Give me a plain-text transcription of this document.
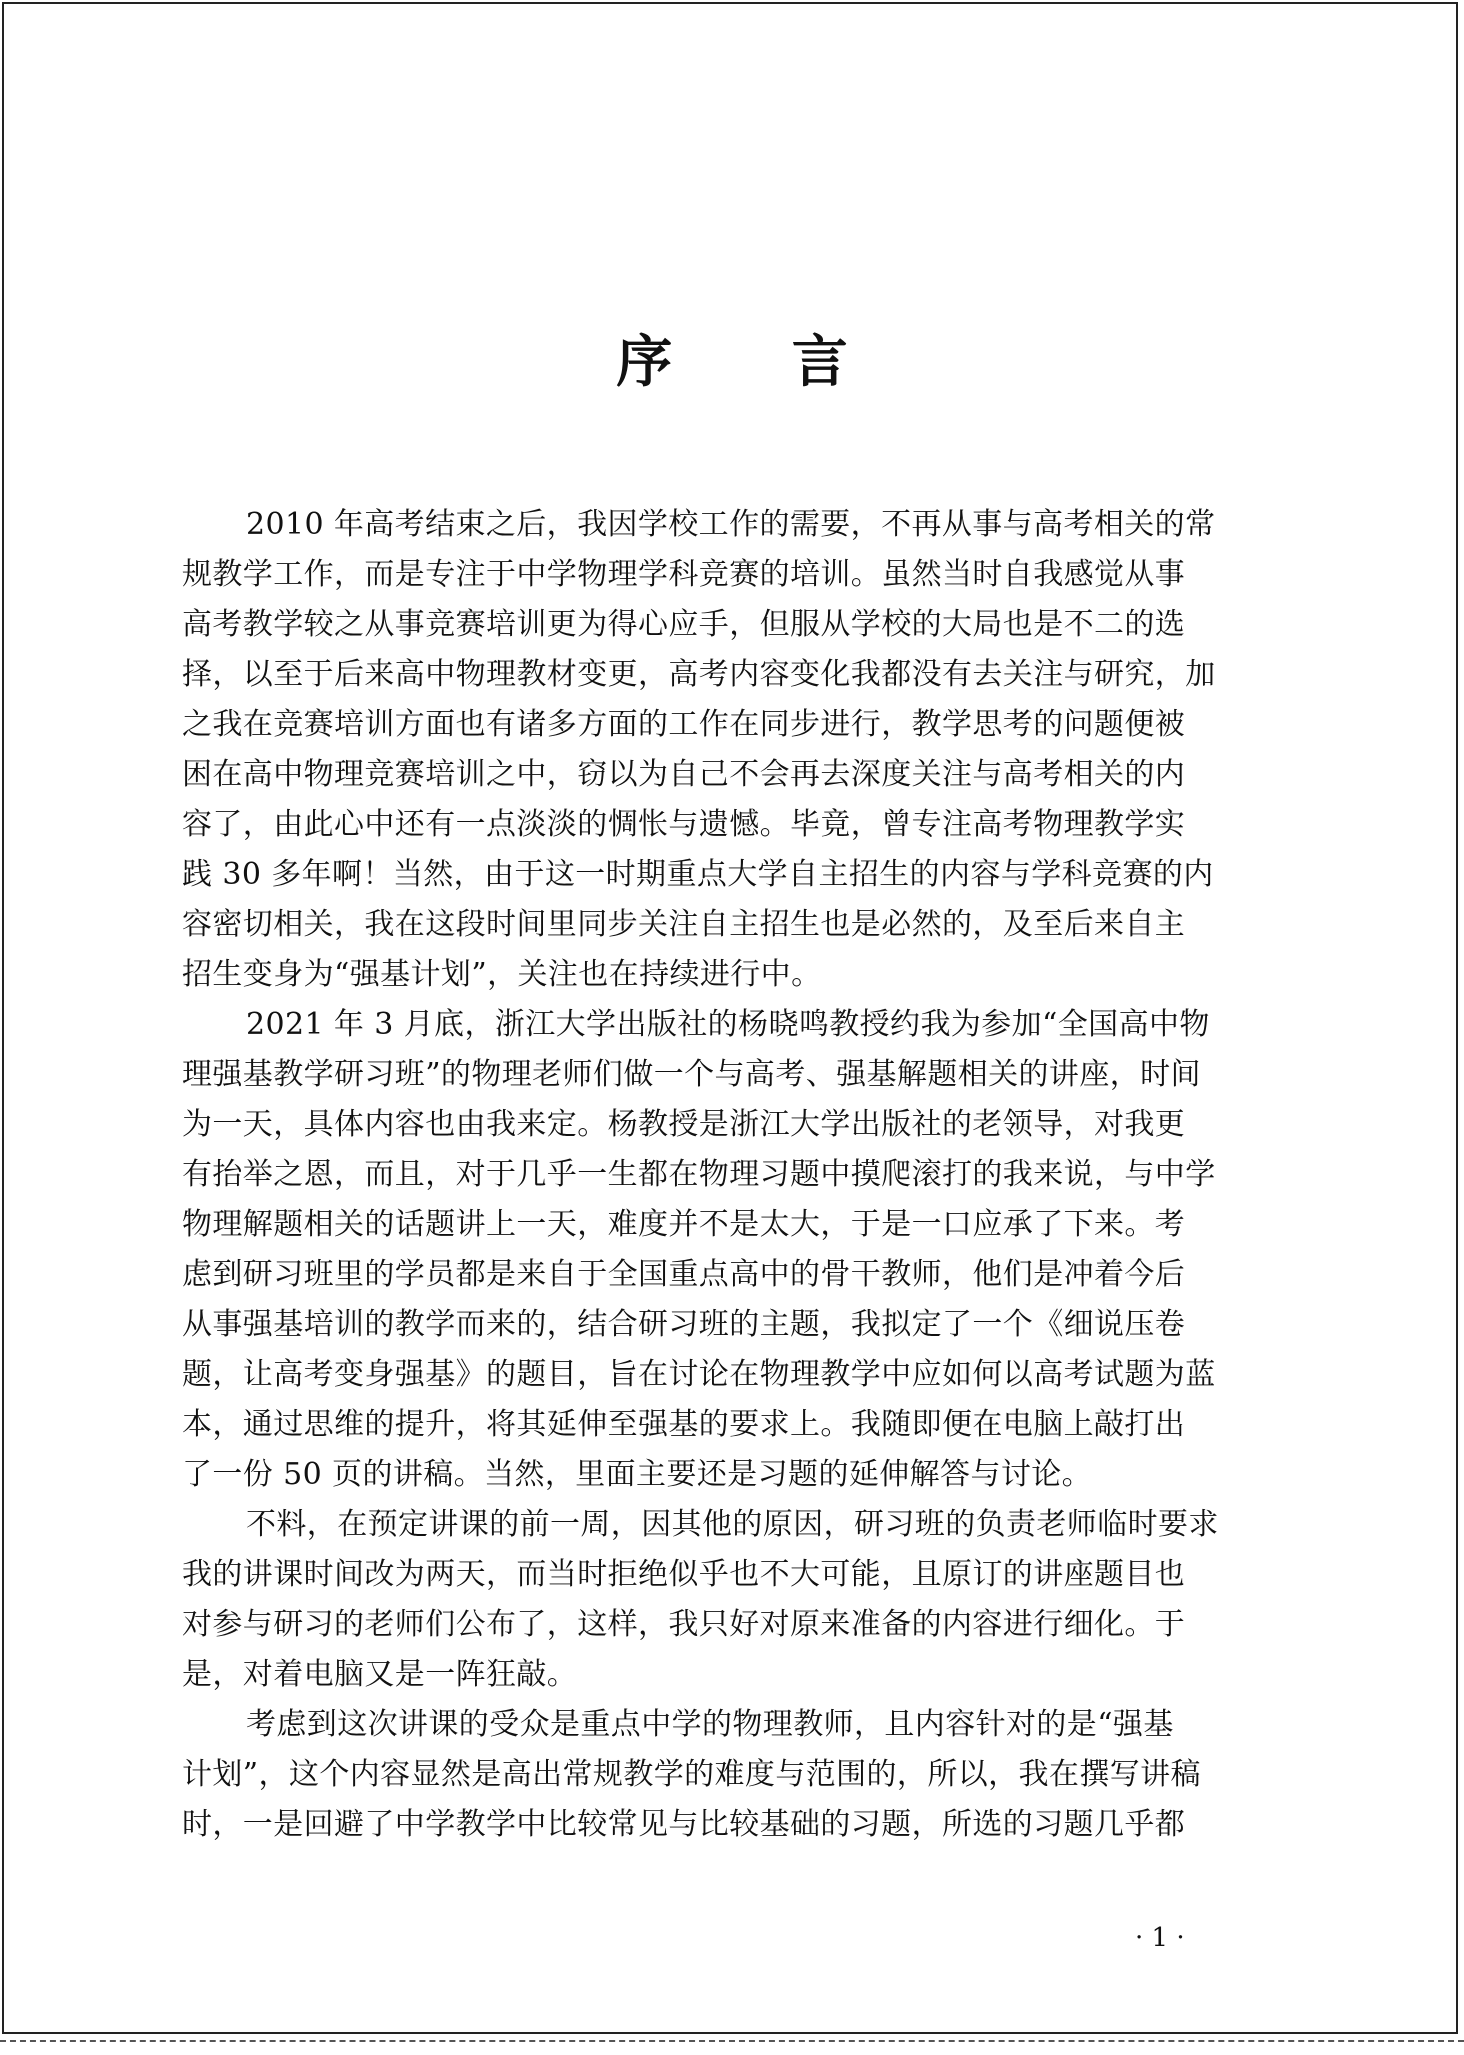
序 言
2010 年高考结束之后，我因学校工作的需要，不再从事与高考相关的常
规教学工作，而是专注于中学物理学科竞赛的培训。虽然当时自我感觉从事
高考教学较之从事竞赛培训更为得心应手，但服从学校的大局也是不二的选
择，以至于后来高中物理教材变更，高考内容变化我都没有去关注与研究，加
之我在竞赛培训方面也有诸多方面的工作在同步进行，教学思考的问题便被
困在高中物理竞赛培训之中，窃以为自己不会再去深度关注与高考相关的内
容了，由此心中还有一点淡淡的惆怅与遗憾。毕竟，曾专注高考物理教学实
践 30 多年啊！当然，由于这一时期重点大学自主招生的内容与学科竞赛的内
容密切相关，我在这段时间里同步关注自主招生也是必然的，及至后来自主
招生变身为“强基计划”，关注也在持续进行中。
2021 年 3 月底，浙江大学出版社的杨晓鸣教授约我为参加“全国高中物
理强基教学研习班”的物理老师们做一个与高考、强基解题相关的讲座，时间
为一天，具体内容也由我来定。杨教授是浙江大学出版社的老领导，对我更
有抬举之恩，而且，对于几乎一生都在物理习题中摸爬滚打的我来说，与中学
物理解题相关的话题讲上一天，难度并不是太大，于是一口应承了下来。考
虑到研习班里的学员都是来自于全国重点高中的骨干教师，他们是冲着今后
从事强基培训的教学而来的，结合研习班的主题，我拟定了一个《细说压卷
题，让高考变身强基》的题目，旨在讨论在物理教学中应如何以高考试题为蓝
本，通过思维的提升，将其延伸至强基的要求上。我随即便在电脑上敲打出
了一份 50 页的讲稿。当然，里面主要还是习题的延伸解答与讨论。
不料，在预定讲课的前一周，因其他的原因，研习班的负责老师临时要求
我的讲课时间改为两天，而当时拒绝似乎也不大可能，且原订的讲座题目也
对参与研习的老师们公布了，这样，我只好对原来准备的内容进行细化。于
是，对着电脑又是一阵狂敲。
考虑到这次讲课的受众是重点中学的物理教师，且内容针对的是“强基
计划”，这个内容显然是高出常规教学的难度与范围的，所以，我在撰写讲稿
时，一是回避了中学教学中比较常见与比较基础的习题，所选的习题几乎都
· 1 ·
